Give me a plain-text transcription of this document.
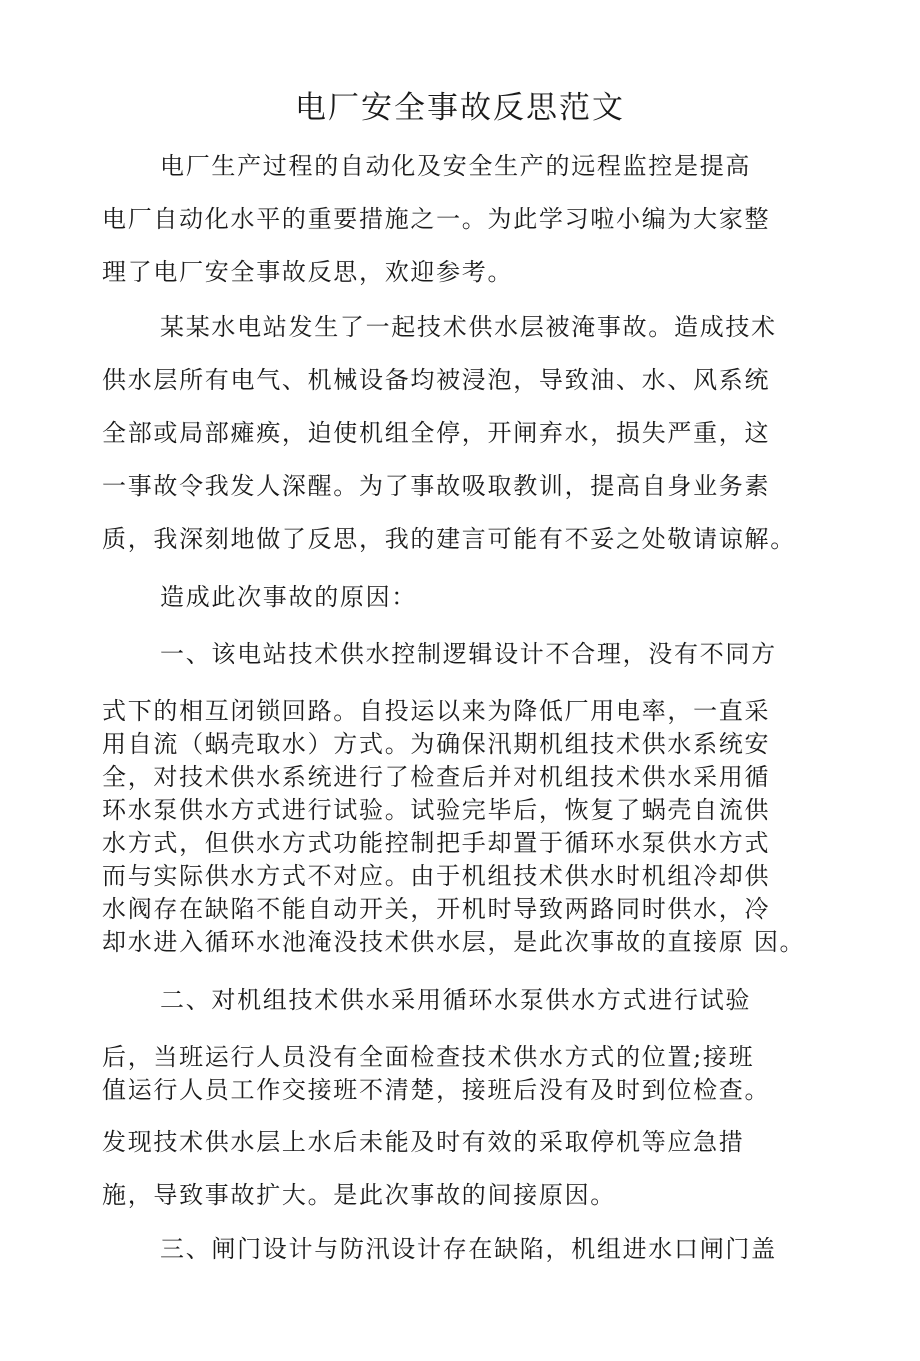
电厂安全事故反思范文
电厂生产过程的自动化及安全生产的远程监控是提高
电厂自动化水平的重要措施之一。为此学习啦小编为大家整
理了电厂安全事故反思，欢迎参考。
某某水电站发生了一起技术供水层被淹事故。造成技术
供水层所有电气、机械设备均被浸泡，导致油、水、风系统
全部或局部瘫痪，迫使机组全停，开闸弃水，损失严重，这
一事故令我发人深醒。为了事故吸取教训，提高自身业务素
质，我深刻地做了反思，我的建言可能有不妥之处敬请谅解。
造成此次事故的原因：
一、该电站技术供水控制逻辑设计不合理，没有不同方
式下的相互闭锁回路。自投运以来为降低厂用电率，一直采
用自流（蜗壳取水）方式。为确保汛期机组技术供水系统安
全，对技术供水系统进行了检查后并对机组技术供水采用循
环水泵供水方式进行试验。试验完毕后，恢复了蜗壳自流供
水方式，但供水方式功能控制把手却置于循环水泵供水方式
而与实际供水方式不对应。由于机组技术供水时机组冷却供
水阀存在缺陷不能自动开关，开机时导致两路同时供水，冷
却水进入循环水池淹没技术供水层，是此次事故的直接原 因。
二、对机组技术供水采用循环水泵供水方式进行试验
后，当班运行人员没有全面检查技术供水方式的位置;接班
值运行人员工作交接班不清楚，接班后没有及时到位检查。
发现技术供水层上水后未能及时有效的采取停机等应急措
施，导致事故扩大。是此次事故的间接原因。
三、闸门设计与防汛设计存在缺陷，机组进水口闸门盖
